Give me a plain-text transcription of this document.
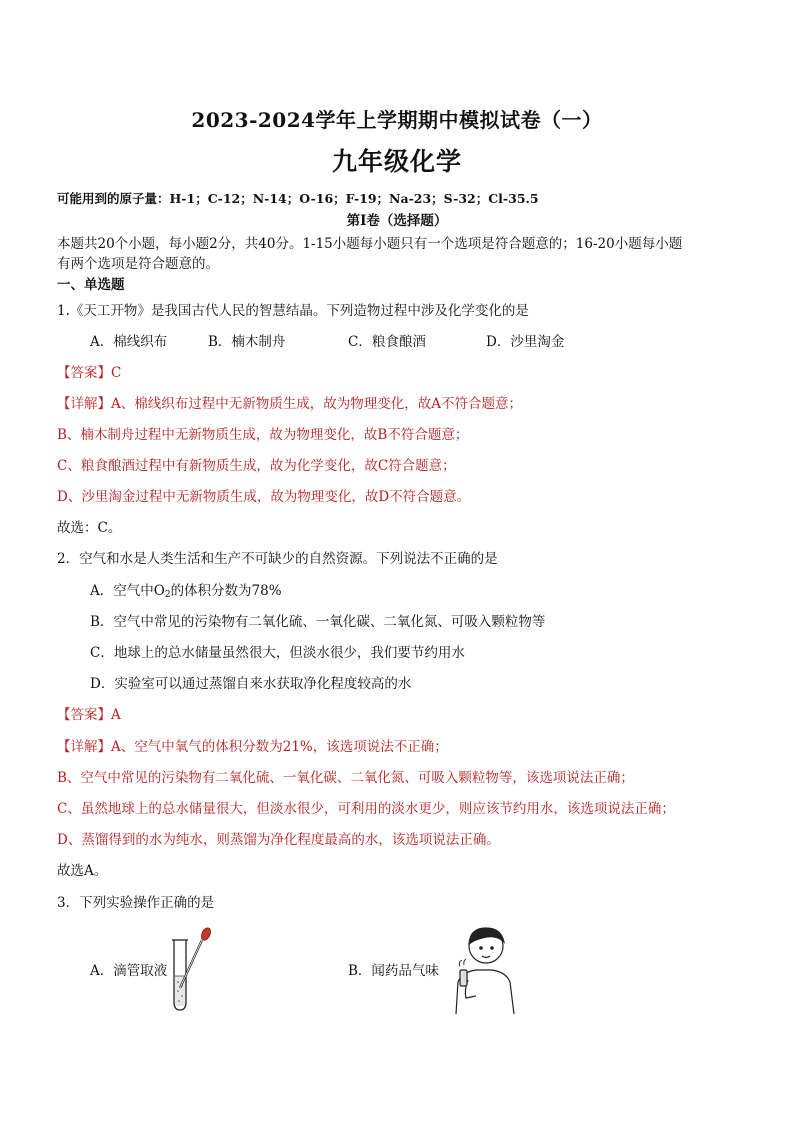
2023-2024学年上学期期中模拟试卷（一）
九年级化学
可能用到的原子量：H-1；C-12；N-14；O-16；F-19；Na-23；S-32；Cl-35.5
第I卷（选择题）
本题共20个小题，每小题2分，共40分。1-15小题每小题只有一个选项是符合题意的；16-20小题每小题
有两个选项是符合题意的。
一、单选题
1.《天工开物》是我国古代人民的智慧结晶。下列造物过程中涉及化学变化的是
A．棉线织布	B．楠木制舟	C．粮食酿酒	D．沙里淘金
【答案】C
【详解】A、棉线织布过程中无新物质生成，故为物理变化，故A不符合题意；
B、楠木制舟过程中无新物质生成，故为物理变化，故B不符合题意；
C、粮食酿酒过程中有新物质生成，故为化学变化，故C符合题意；
D、沙里淘金过程中无新物质生成，故为物理变化，故D不符合题意。
故选：C。
2．空气和水是人类生活和生产不可缺少的自然资源。下列说法不正确的是
A．空气中$O_2$的体积分数为78%
B．空气中常见的污染物有二氧化硫、一氧化碳、二氧化氮、可吸入颗粒物等
C．地球上的总水储量虽然很大，但淡水很少，我们要节约用水
D．实验室可以通过蒸馏自来水获取净化程度较高的水
【答案】A
【详解】A、空气中氧气的体积分数为21%，该选项说法不正确；
B、空气中常见的污染物有二氧化硫、一氧化碳、二氧化氮、可吸入颗粒物等，该选项说法正确；
C、虽然地球上的总水储量很大，但淡水很少，可利用的淡水更少，则应该节约用水，该选项说法正确；
D、蒸馏得到的水为纯水，则蒸馏为净化程度最高的水，该选项说法正确。
故选A。
3．下列实验操作正确的是
A．滴管取液	B．闻药品气味
